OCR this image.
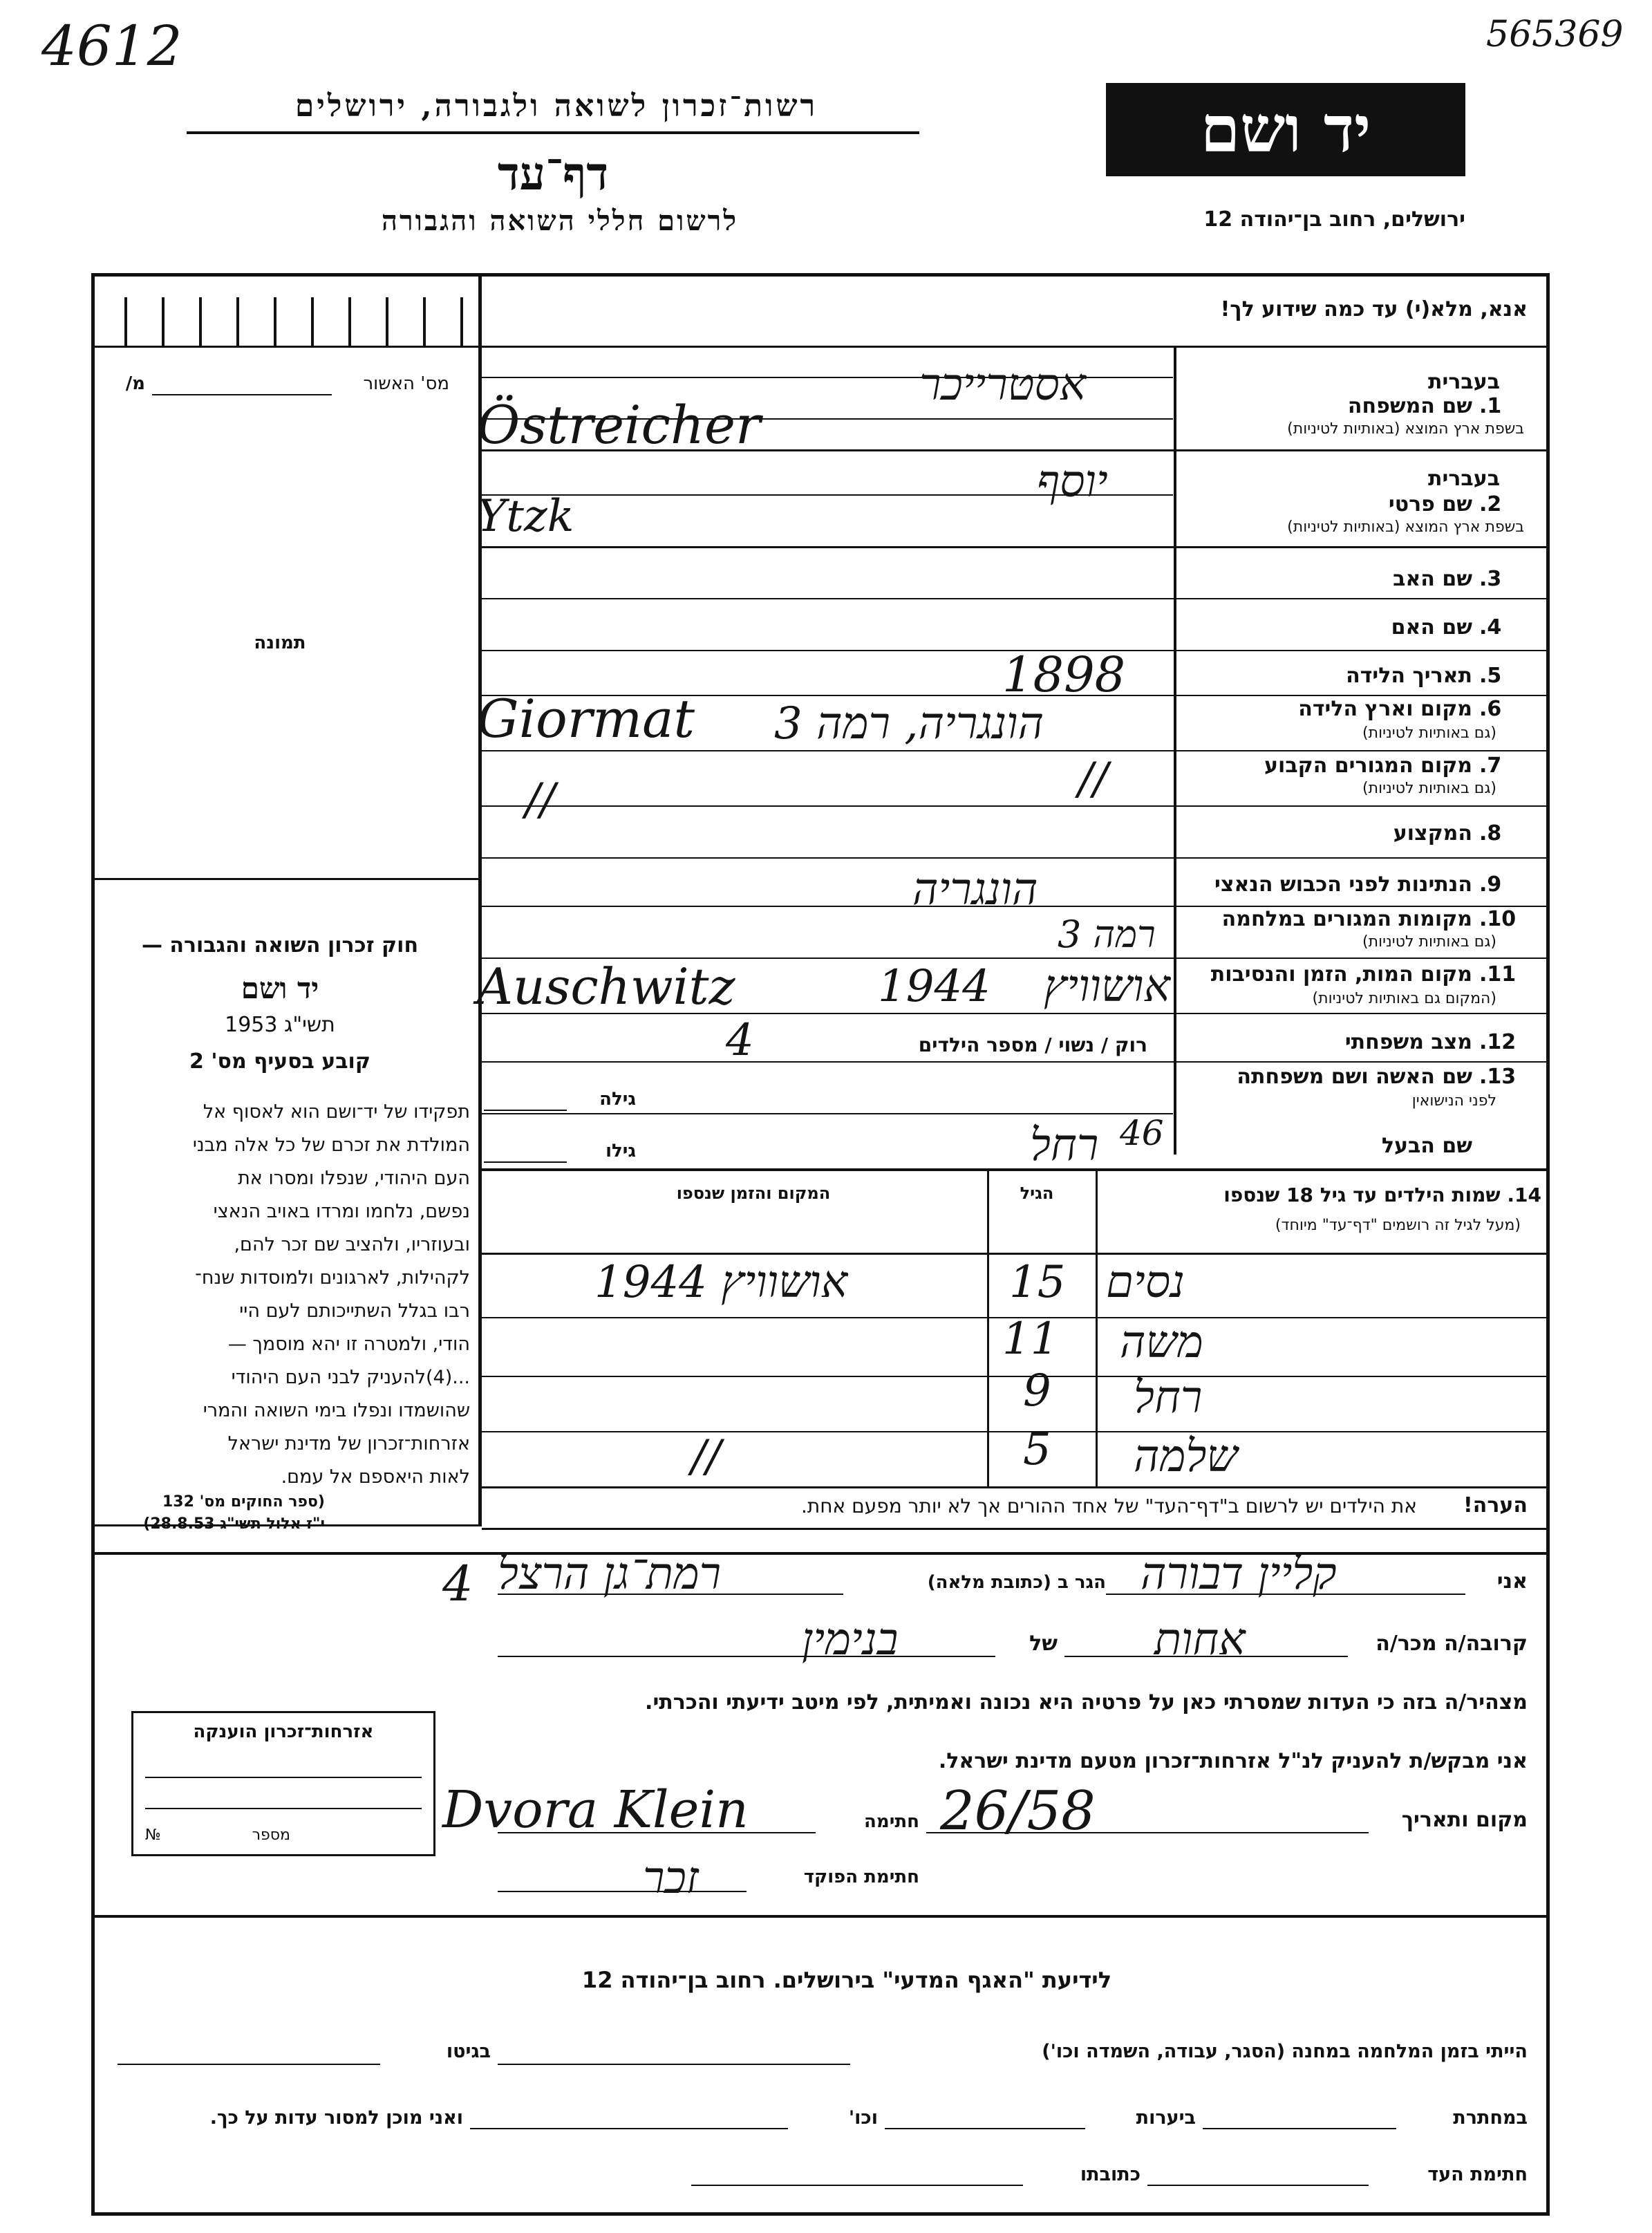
4612	565369
רשות־זכרון לשואה ולגבורה, ירושלים
דף־עד
לרשום חללי השואה והגבורה
יד ושם
ירושלים, רחוב בן־יהודה 12
מס' האשור
מ/
תמונה
חוק זכרון השואה והגבורה —
יד ושם
תשי"ג 1953
קובע בסעיף מס' 2

תפקידו של יד־ושם הוא לאסוף אל

המולדת את זכרם של כל אלה מבני

העם היהודי, שנפלו ומסרו את

נפשם, נלחמו ומרדו באויב הנאצי

ובעוזריו, ולהציב שם זכר להם,

לקהילות, לארגונים ולמוסדות שנח־

רבו בגלל השתייכותם לעם היי

הודי, ולמטרה זו יהא מוסמך —

...(4)להעניק לבני העם היהודי

שהושמדו ונפלו בימי השואה והמרי

אזרחות־זכרון של מדינת ישראל

לאות היאספם אל עמם.

(ספר החוקים מס' 132
אנא, מלא(י) עד כמה שידוע לך!
בעברית
שם המשפחה 1.
בשפת ארץ המוצא (באותיות לטיניות)
בעברית
שם פרטי 2.
בשפת ארץ המוצא (באותיות לטיניות)
שם האב 3.
שם האם 4.
תאריך הלידה 5.
מקום וארץ הלידה 6.
(גם באותיות לטיניות)
מקום המגורים הקבוע 7.
(גם באותיות לטיניות)
המקצוע 8.
הנתינות לפני הכבוש הנאצי 9.
מקומות המגורים במלחמה 10.
(גם באותיות לטיניות)
מקום המות, הזמן והנסיבות 11.
(המקום גם באותיות לטיניות)
מצב משפחתי 12.
שם האשה ושם משפחתה 13.
לפני הנישואין
שם הבעל
רוק / נשוי / מספר הילדים
גילה
גילו
14. שמות הילדים עד גיל 18 שנספו
(מעל לגיל זה רושמים "דף־עד" מיוחד)
הגיל
המקום והזמן שנספו
הערה!
את הילדים יש לרשום ב"דף־העד" של אחד ההורים אך לא יותר מפעם אחת.
אני
הגר ב (כתובת מלאה)
קרובה/ה מכר/ה
של
מצהיר/ה בזה כי העדות שמסרתי כאן על פרטיה היא נכונה ואמיתית, לפי מיטב ידיעתי והכרתי.
אני מבקש/ת להעניק לנ"ל אזרחות־זכרון מטעם מדינת ישראל.
מקום ותאריך
חתימה
חתימת הפוקד
אזרחות־זכרון הוענקה
מספר
№
לידיעת "האגף המדעי" בירושלים. רחוב בן־יהודה 12
הייתי בזמן המלחמה במחנה (הסגר, עבודה, השמדה וכו')
בגיטו
במחתרת
ביערות
וכו'
ואני מוכן למסור עדות על כך.
חתימת העד
כתובתו
אסטרייכר
Östreicher
יוסף
Ytzk
1898
הונגריה, רמה 3
Giormat
//
//
הונגריה
רמה 3
Auschwitz	1944 אושוויץ
4
רחל 46
נסים
15
אושוויץ 1944
משה
11
רחל
9
שלמה
5
//
קליין דבורה
רמת־גן הרצל
אחות
בנימין
26/58
Dvora Klein
זכר
4
